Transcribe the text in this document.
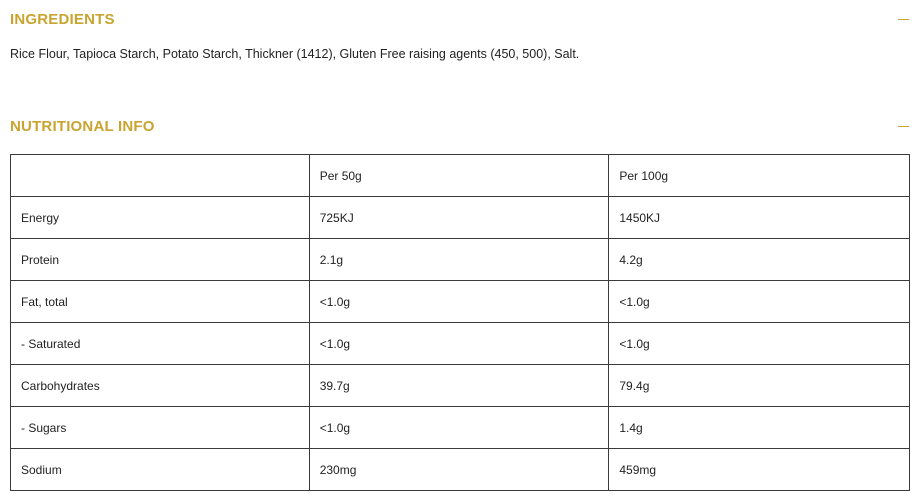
INGREDIENTS
Rice Flour, Tapioca Starch, Potato Starch, Thickner (1412), Gluten Free raising agents (450, 500), Salt.
NUTRITIONAL INFO
	Per 50g	Per 100g
Energy	725KJ	1450KJ
Protein	2.1g	4.2g
Fat, total	<1.0g	<1.0g
- Saturated	<1.0g	<1.0g
Carbohydrates	39.7g	79.4g
- Sugars	<1.0g	1.4g
Sodium	230mg	459mg
